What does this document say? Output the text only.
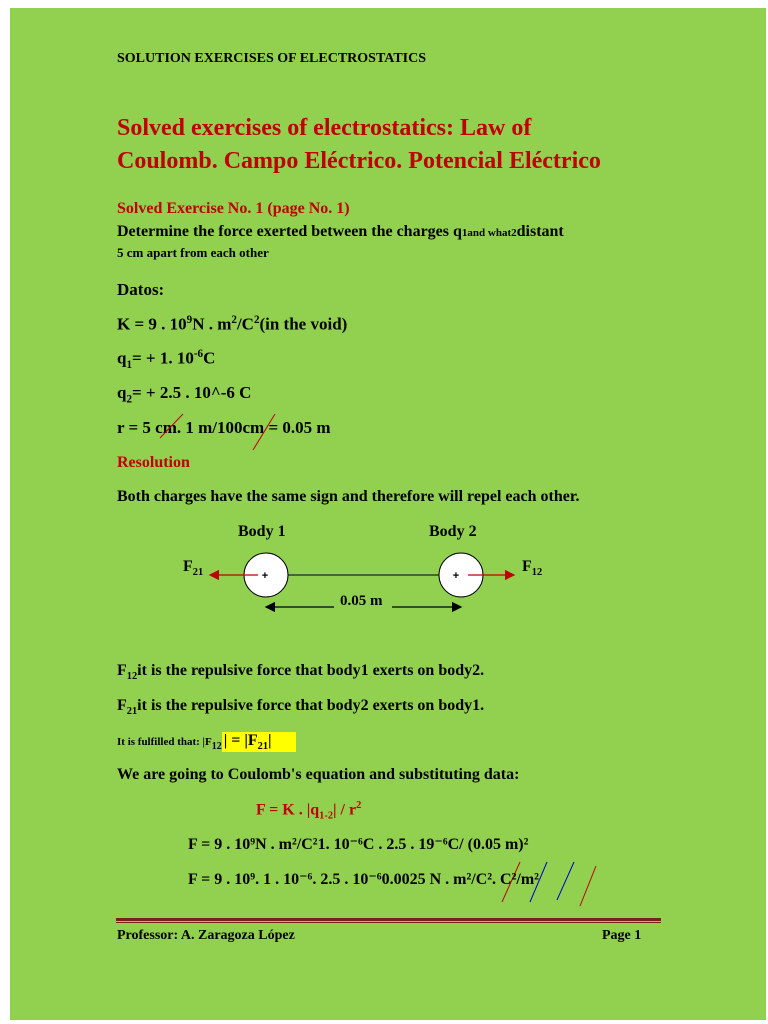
SOLUTION EXERCISES OF ELECTROSTATICS
Solved exercises of electrostatics: Law of
Coulomb. Campo Eléctrico. Potencial Eléctrico
Solved Exercise No. 1 (page No. 1)
Determine the force exerted between the charges q1and what2distant
5 cm apart from each other
Datos:
K = 9 . $10^9N$ . $m^2/C^2(in$ the void)
$q_1= + 1$. $10^{-6}C$
$q_2= + 2.5$ . 10^-6 C
r = 5 cm. 1 m/100cm = 0.05 m
Resolution
Both charges have the same sign and therefore will repel each other.
Body 1	Body 2
$F_{21}$	$F_{12}$
0.05 m
+	+
$F_{12}it$ is the repulsive force that body1 exerts on body2.
$F_{21}it$ is the repulsive force that body2 exerts on body1.
It is fulfilled that: $|F_{12}$ | = $|F_{21}|$
We are going to Coulomb's equation and substituting data:
F = K . $|q_{1-2}| / r^2$
F = 9 . 10⁹N . m²/C²1. 10⁻⁶C . 2.5 . 19⁻⁶C/ (0.05 m)²
F = 9 . 10⁹. 1 . 10⁻⁶. 2.5 . 10⁻⁶0.0025 N . m²/C². C²/m²
Professor: A. Zaragoza López	Page 1
